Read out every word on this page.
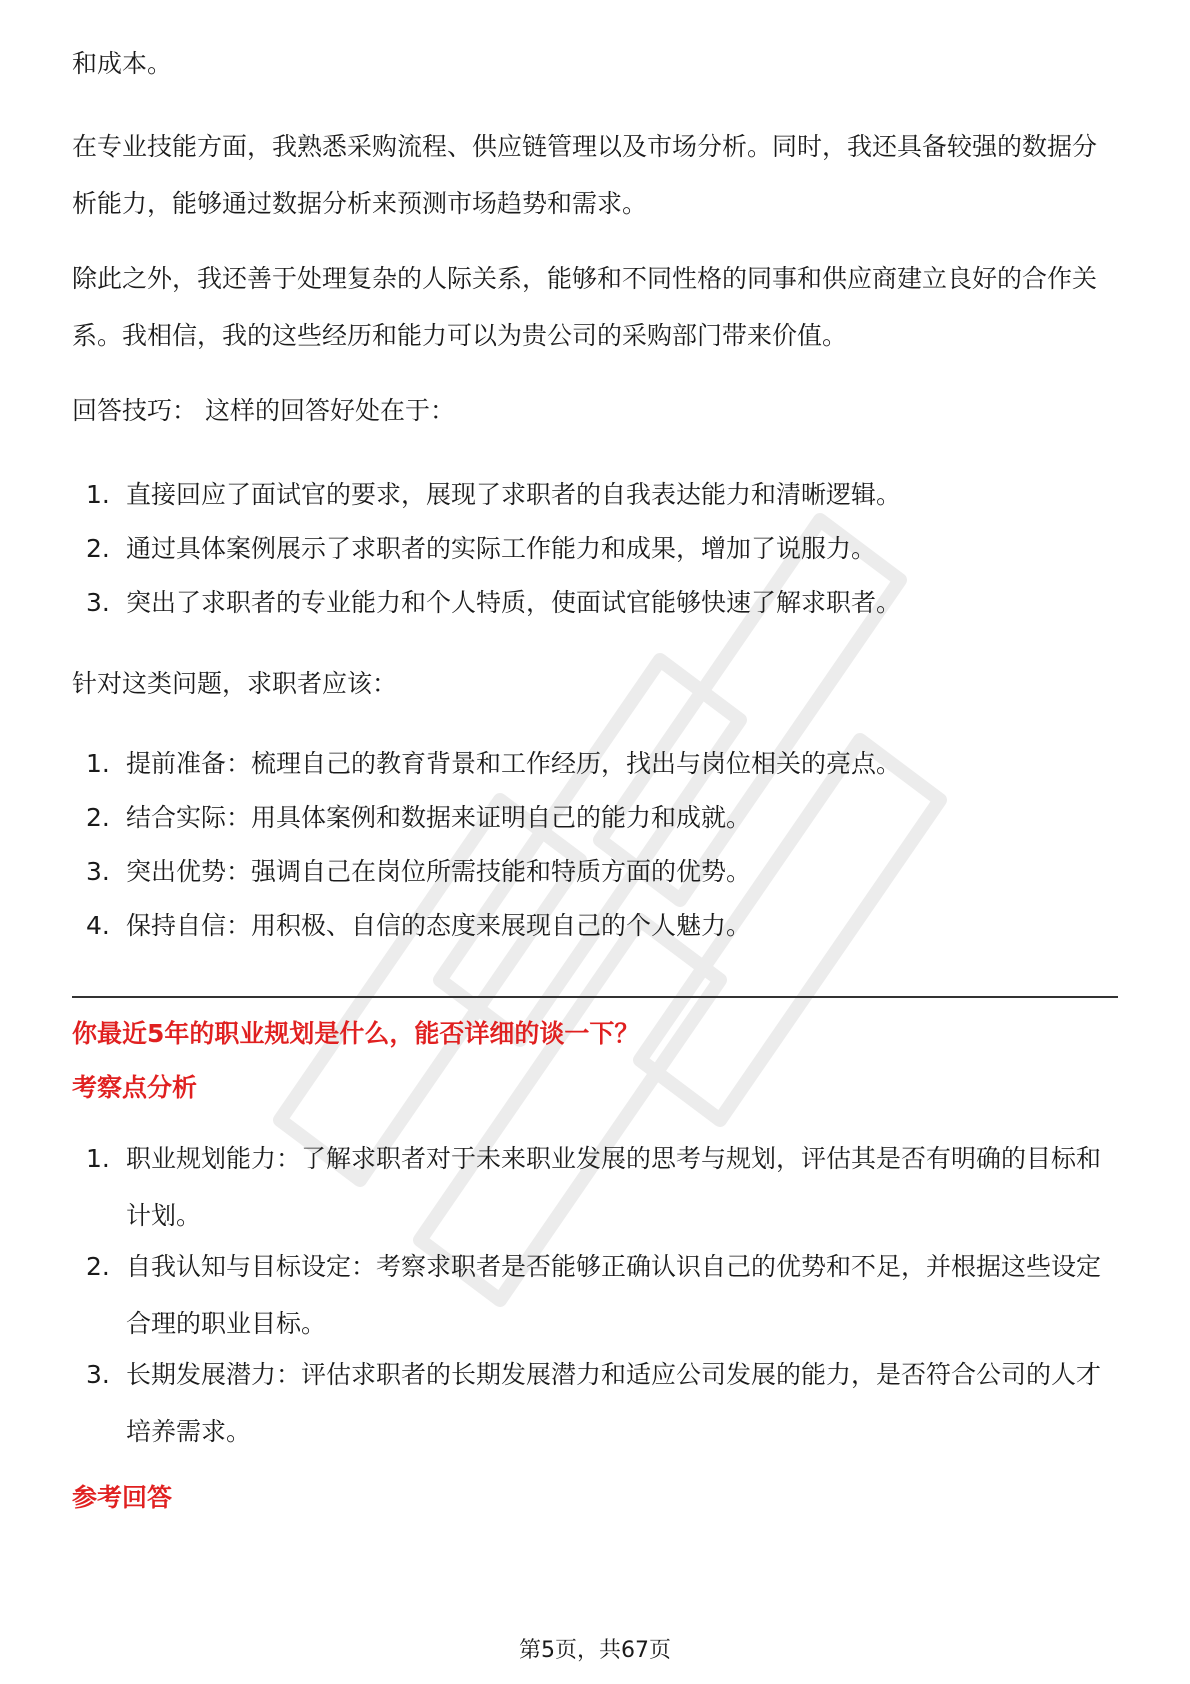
和成本。

在专业技能方面，我熟悉采购流程、供应链管理以及市场分析。同时，我还具备较强的数据分析能力，能够通过数据分析来预测市场趋势和需求。

除此之外，我还善于处理复杂的人际关系，能够和不同性格的同事和供应商建立良好的合作关系。我相信，我的这些经历和能力可以为贵公司的采购部门带来价值。

回答技巧： 这样的回答好处在于：

1. 直接回应了面试官的要求，展现了求职者的自我表达能力和清晰逻辑。
2. 通过具体案例展示了求职者的实际工作能力和成果，增加了说服力。
3. 突出了求职者的专业能力和个人特质，使面试官能够快速了解求职者。

针对这类问题，求职者应该：

1. 提前准备：梳理自己的教育背景和工作经历，找出与岗位相关的亮点。
2. 结合实际：用具体案例和数据来证明自己的能力和成就。
3. 突出优势：强调自己在岗位所需技能和特质方面的优势。
4. 保持自信：用积极、自信的态度来展现自己的个人魅力。

你最近5年的职业规划是什么，能否详细的谈一下？

考察点分析

1. 职业规划能力：了解求职者对于未来职业发展的思考与规划，评估其是否有明确的目标和计划。
2. 自我认知与目标设定：考察求职者是否能够正确认识自己的优势和不足，并根据这些设定合理的职业目标。
3. 长期发展潜力：评估求职者的长期发展潜力和适应公司发展的能力，是否符合公司的人才培养需求。

参考回答

第5页，共67页
